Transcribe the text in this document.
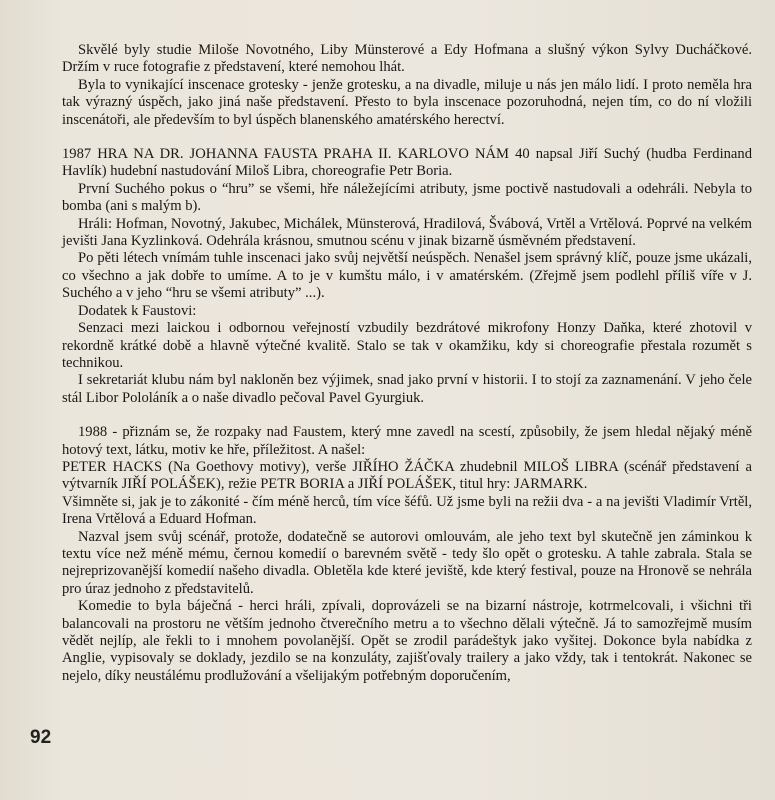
Skvělé byly studie Miloše Novotného, Liby Münsterové a Edy Hofmana a slušný výkon Sylvy Ducháčkové. Držím v ruce fotografie z představení, které nemohou lhát.

Byla to vynikající inscenace grotesky - jenže grotesku, a na divadle, miluje u nás jen málo lidí. I proto neměla hra tak výrazný úspěch, jako jiná naše představení. Přesto to byla inscenace pozoruhodná, nejen tím, co do ní vložili inscenátoři, ale především to byl úspěch blanenského amatérského herectví.

1987 HRA NA DR. JOHANNA FAUSTA PRAHA II. KARLOVO NÁM 40 napsal Jiří Suchý (hudba Ferdinand Havlík) hudební nastudování Miloš Libra, choreografie Petr Boria.

První Suchého pokus o “hru” se všemi, hře náležejícími atributy, jsme poctivě nastudovali a odehráli. Nebyla to bomba (ani s malým b).

Hráli: Hofman, Novotný, Jakubec, Michálek, Münsterová, Hradilová, Švábová, Vrtěl a Vrtělová. Poprvé na velkém jevišti Jana Kyzlinková. Odehrála krásnou, smutnou scénu v jinak bizarně úsměvném představení.

Po pěti létech vnímám tuhle inscenaci jako svůj největší neúspěch. Nenašel jsem správný klíč, pouze jsme ukázali, co všechno a jak dobře to umíme. A to je v kumštu málo, i v amatérském. (Zřejmě jsem podlehl příliš víře v J. Suchého a v jeho “hru se všemi atributy” ...).

Dodatek k Faustovi:

Senzaci mezi laickou i odbornou veřejností vzbudily bezdrátové mikrofony Honzy Daňka, které zhotovil v rekordně krátké době a hlavně výtečné kvalitě. Stalo se tak v okamžiku, kdy si choreografie přestala rozumět s technikou.

I sekretariát klubu nám byl nakloněn bez výjimek, snad jako první v historii. I to stojí za zaznamenání. V jeho čele stál Libor Pololáník a o naše divadlo pečoval Pavel Gyurgiuk.

1988 - přiznám se, že rozpaky nad Faustem, který mne zavedl na scestí, způsobily, že jsem hledal nějaký méně hotový text, látku, motiv ke hře, příležitost. A našel:

PETER HACKS (Na Goethovy motivy), verše JIŘÍHO ŽÁČKA zhudebnil MILOŠ LIBRA (scénář představení a výtvarník JIŘÍ POLÁŠEK), režie PETR BORIA a JIŘÍ POLÁŠEK, titul hry: JARMARK.

Všimněte si, jak je to zákonité - čím méně herců, tím více šéfů. Už jsme byli na režii dva - a na jevišti Vladimír Vrtěl, Irena Vrtělová a Eduard Hofman.

Nazval jsem svůj scénář, protože, dodatečně se autorovi omlouvám, ale jeho text byl skutečně jen záminkou k textu více než méně mému, černou komedií o barevném světě - tedy šlo opět o grotesku. A tahle zabrala. Stala se nejreprizovanější komedií našeho divadla. Obletěla kde které jeviště, kde který festival, pouze na Hronově se nehrála pro úraz jednoho z představitelů.

Komedie to byla báječná - herci hráli, zpívali, doprovázeli se na bizarní nástroje, kotrmelcovali, i všichni tři balancovali na prostoru ne větším jednoho čtverečního metru a to všechno dělali výtečně. Já to samozřejmě musím vědět nejlíp, ale řekli to i mnohem povolanější. Opět se zrodil parádeštyk jako vyšitej. Dokonce byla nabídka z Anglie, vypisovaly se doklady, jezdilo se na konzuláty, zajišťovaly trailery a jako vždy, tak i tentokrát. Nakonec se nejelo, díky neustálému prodlužování a všelijakým potřebným doporučením,

92
